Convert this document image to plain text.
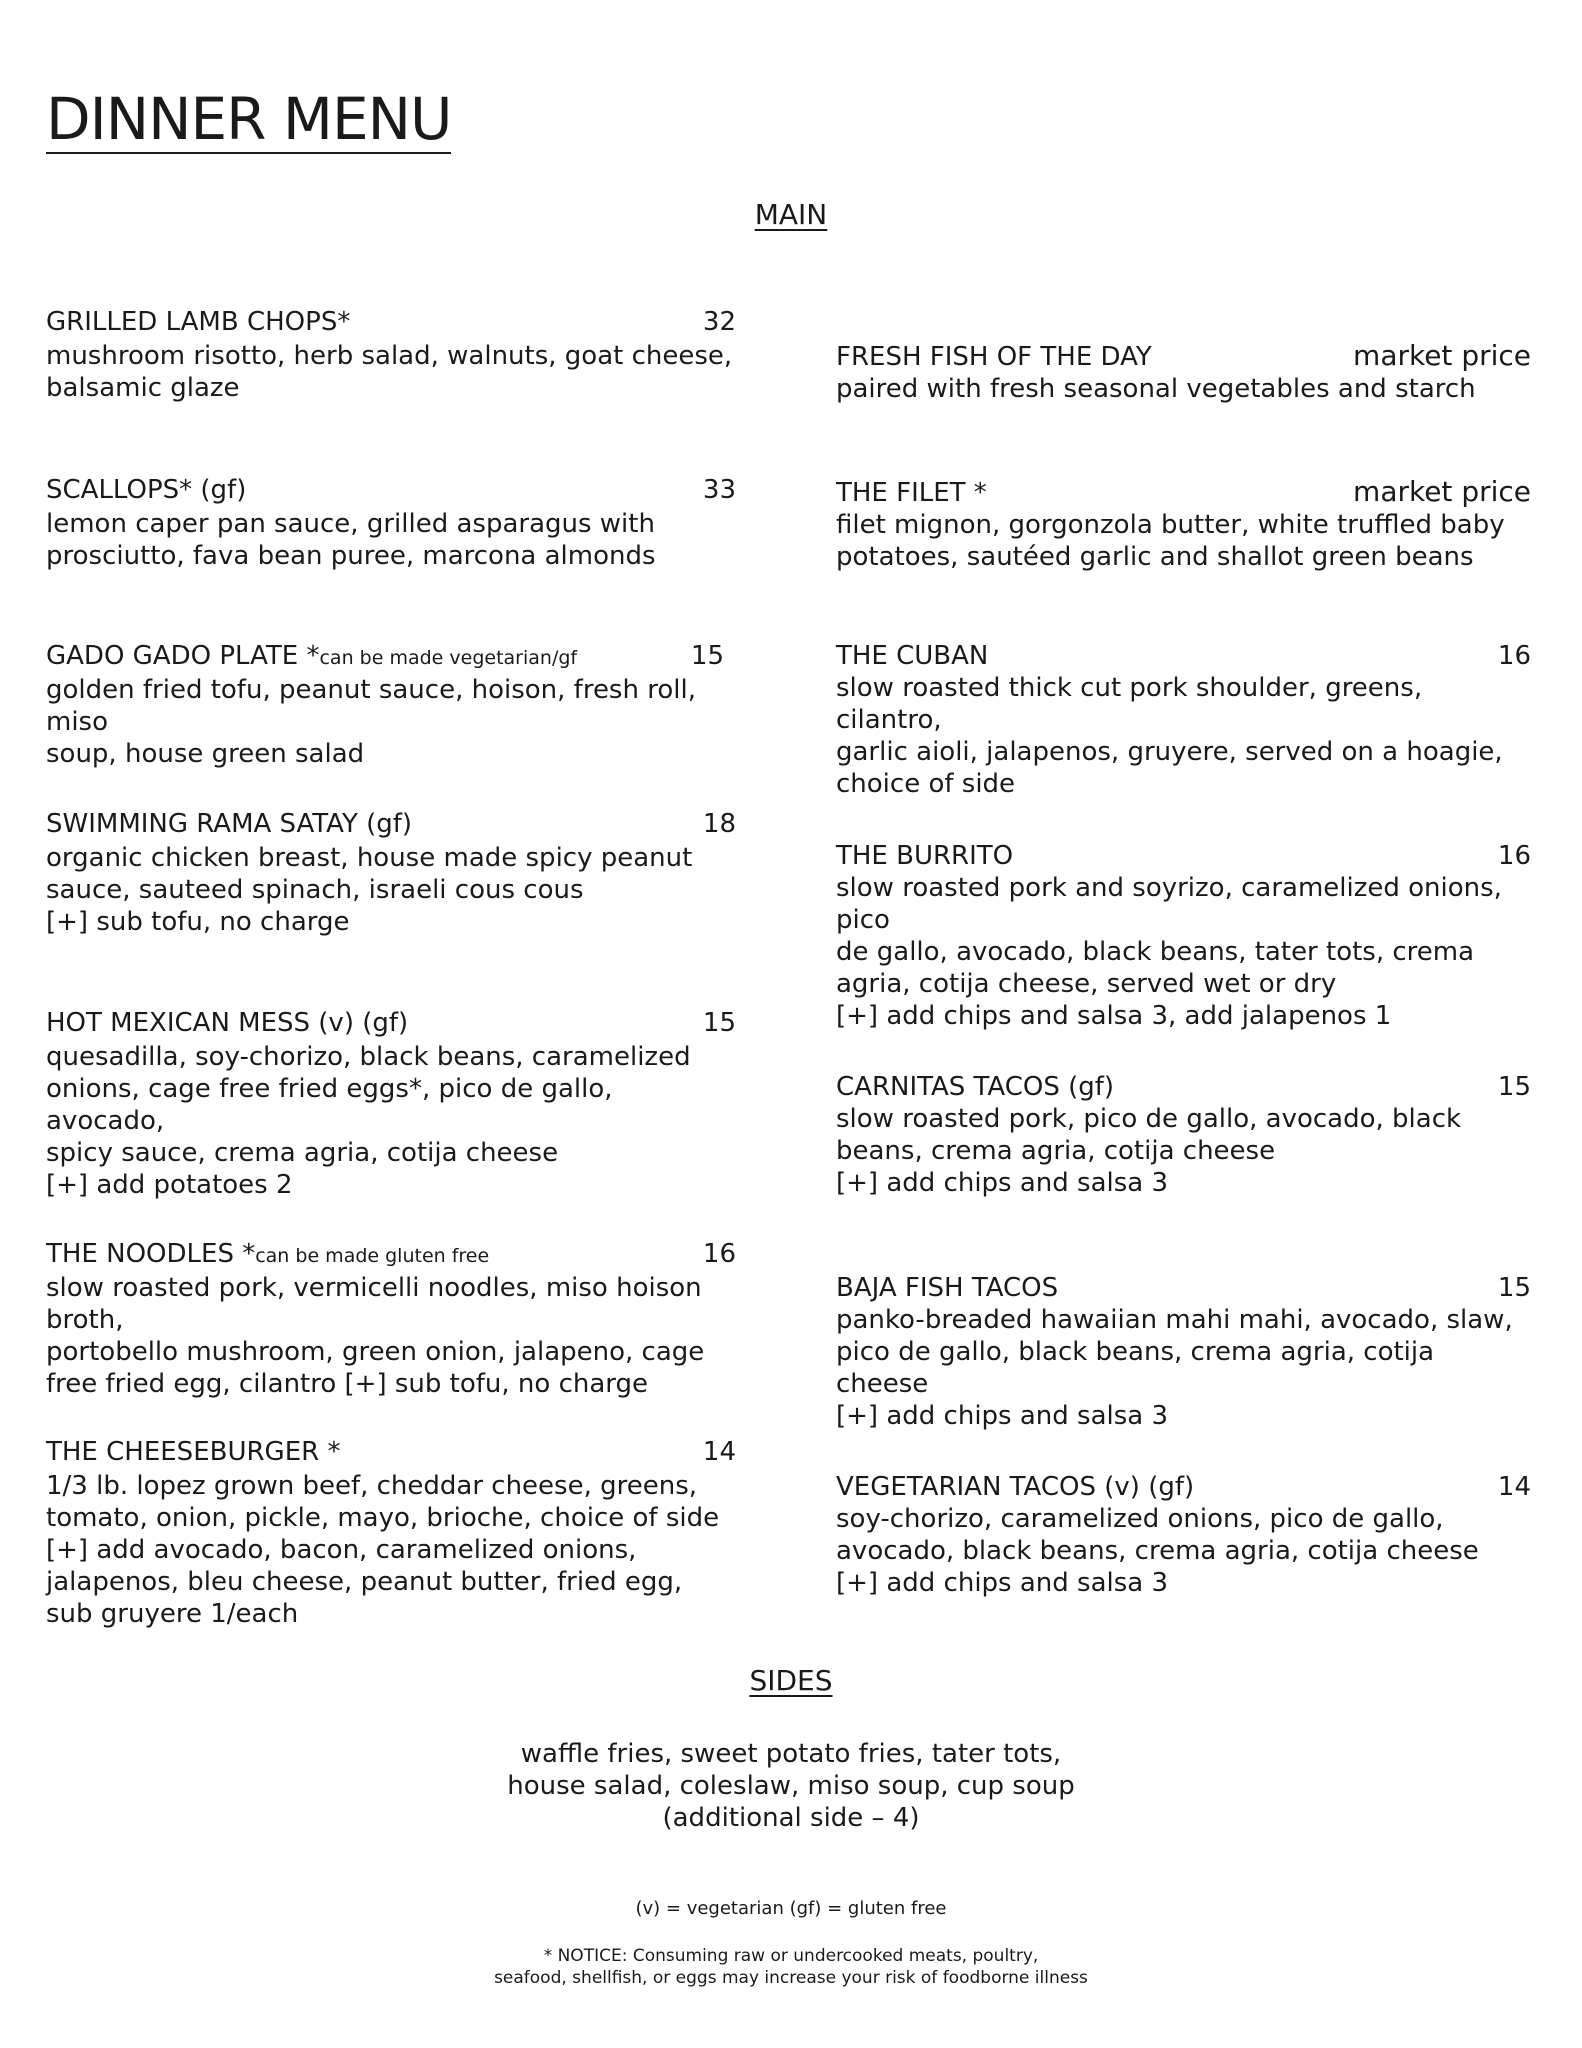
DINNER MENU
MAIN
GRILLED LAMB CHOPS*	32
mushroom risotto, herb salad, walnuts, goat cheese,
balsamic glaze
SCALLOPS* (gf)	33
lemon caper pan sauce, grilled asparagus with
prosciutto, fava bean puree, marcona almonds
GADO GADO PLATE *can be made vegetarian/gf	15
golden fried tofu, peanut sauce, hoison, fresh roll, miso
soup, house green salad
SWIMMING RAMA SATAY (gf)	18
organic chicken breast, house made spicy peanut
sauce, sauteed spinach, israeli cous cous
[+] sub tofu, no charge
HOT MEXICAN MESS (v) (gf)	15
quesadilla, soy-chorizo, black beans, caramelized
onions, cage free fried eggs*, pico de gallo, avocado,
spicy sauce, crema agria, cotija cheese
[+] add potatoes 2
THE NOODLES *can be made gluten free	16
slow roasted pork, vermicelli noodles, miso hoison broth,
portobello mushroom, green onion, jalapeno, cage
free fried egg, cilantro [+] sub tofu, no charge
THE CHEESEBURGER *	14
1/3 lb. lopez grown beef, cheddar cheese, greens,
tomato, onion, pickle, mayo, brioche, choice of side
[+] add avocado, bacon, caramelized onions,
jalapenos, bleu cheese, peanut butter, fried egg,
sub gruyere 1/each
FRESH FISH OF THE DAY	market price
paired with fresh seasonal vegetables and starch
THE FILET *	market price
filet mignon, gorgonzola butter, white truffled baby
potatoes, sautéed garlic and shallot green beans
THE CUBAN	16
slow roasted thick cut pork shoulder, greens, cilantro,
garlic aioli, jalapenos, gruyere, served on a hoagie,
choice of side
THE BURRITO	16
slow roasted pork and soyrizo, caramelized onions, pico
de gallo, avocado, black beans, tater tots, crema
agria, cotija cheese, served wet or dry
[+] add chips and salsa 3, add jalapenos 1
CARNITAS TACOS (gf)	15
slow roasted pork, pico de gallo, avocado, black
beans, crema agria, cotija cheese
[+] add chips and salsa 3
BAJA FISH TACOS	15
panko-breaded hawaiian mahi mahi, avocado, slaw,
pico de gallo, black beans, crema agria, cotija cheese
[+] add chips and salsa 3
VEGETARIAN TACOS (v) (gf)	14
soy-chorizo, caramelized onions, pico de gallo,
avocado, black beans, crema agria, cotija cheese
[+] add chips and salsa 3
SIDES
waffle fries, sweet potato fries, tater tots,
house salad, coleslaw, miso soup, cup soup
(additional side – 4)
(v) = vegetarian (gf) = gluten free
* NOTICE: Consuming raw or undercooked meats, poultry,
seafood, shellfish, or eggs may increase your risk of foodborne illness
